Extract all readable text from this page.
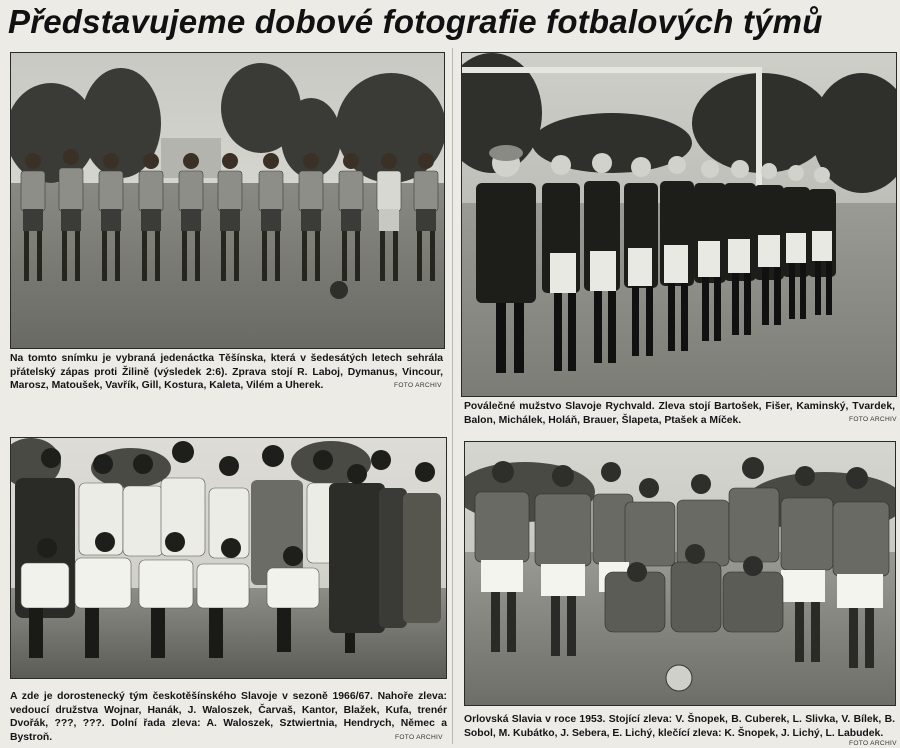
Představujeme dobové fotografie fotbalových týmů
Na tomto snímku je vybraná jedenáctka Těšínska, která v šedesátých letech sehrála přátelský zápas proti Žilině (výsledek 2:6). Zprava stojí R. Laboj, Dymanus, Vincour, Marosz, Matoušek, Vavřík, Gill, Kostura, Kaleta, Vilém a Uherek.	FOTO ARCHIV
Poválečné mužstvo Slavoje Rychvald. Zleva stojí Bartošek, Fišer, Kaminský, Tvardek, Balon, Michálek, Holáň, Brauer, Šlapeta, Ptašek a Míček.	FOTO ARCHIV
A zde je dorostenecký tým českotěšínského Slavoje v sezoně 1966/67. Nahoře zleva: vedoucí družstva Wojnar, Hanák, J. Waloszek, Čarvaš, Kantor, Blažek, Kufa, trenér Dvořák, ???, ???. Dolní řada zleva: A. Waloszek, Sztwiertnia, Hendrych, Němec a Bystroň.	FOTO ARCHIV
Orlovská Slavia v roce 1953. Stojící zleva: V. Šnopek, B. Cuberek, L. Slivka, V. Bílek, B. Sobol, M. Kubátko, J. Sebera, E. Lichý, klečící zleva: K. Šnopek, J. Lichý, L. Labudek.
FOTO ARCHIV
